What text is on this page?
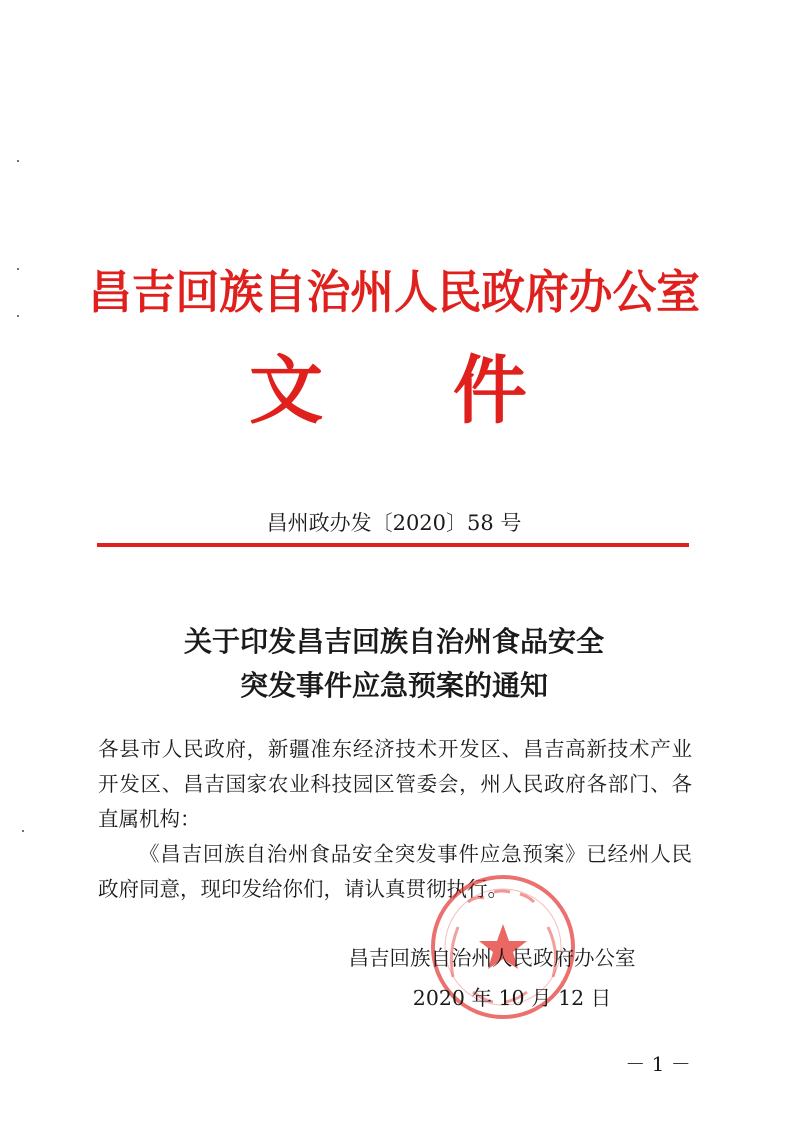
昌吉回族自治州人民政府办公室
文 件
昌州政办发〔2020〕58 号
关于印发昌吉回族自治州食品安全
突发事件应急预案的通知

各县市人民政府，新疆准东经济技术开发区、昌吉高新技术产业开发区、昌吉国家农业科技园区管委会，州人民政府各部门、各直属机构：

《昌吉回族自治州食品安全突发事件应急预案》已经州人民政府同意，现印发给你们，请认真贯彻执行。

昌吉回族自治州人民政府办公室
2020 年 10 月 12 日
－ 1 －
